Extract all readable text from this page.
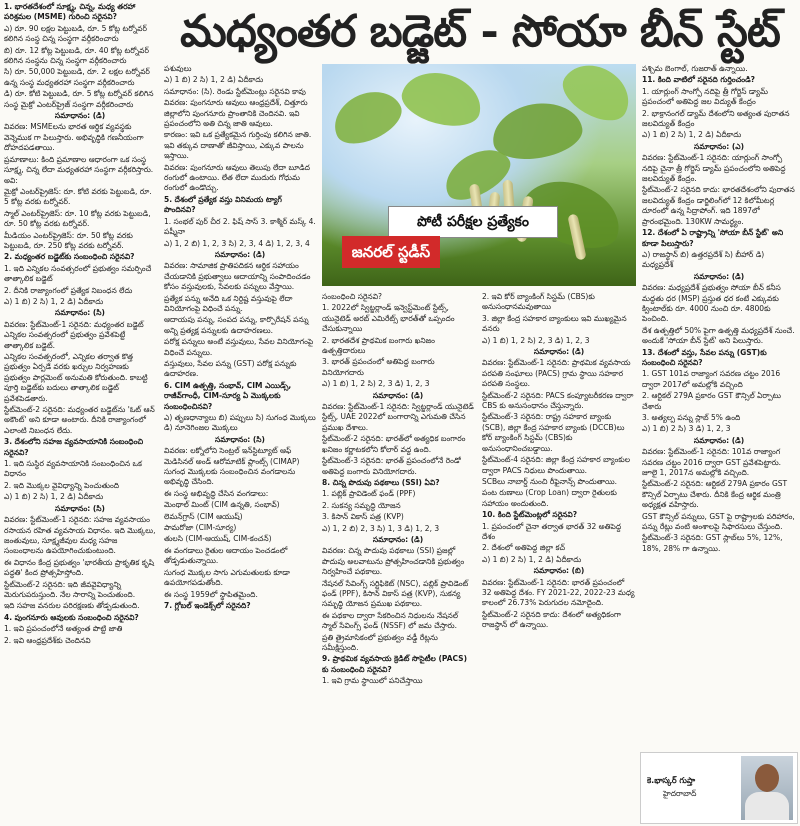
మధ్యంతర బడ్జెట్ - సోయా బీన్ స్టేట్

1. భారతదేశంలో సూక్ష్మ, చిన్న, మధ్య తరహా పరిశ్రమల (MSME) గురించి సరైనవి?

ఎ) రూ. 90 లక్షల పెట్టుబడి, రూ. 5 కోట్ల టర్నోవర్ కలిగిన సంస్థ చిన్న సంస్థగా వర్గీకరించారు

బి) రూ. 12 కోట్ల పెట్టుబడి, రూ. 40 కోట్ల టర్నోవర్ కలిగిన సంస్థను చిన్న సంస్థగా వర్గీకరించారు

సి) రూ. 50,000 పెట్టుబడి, రూ. 2 లక్షల టర్నోవర్ ఉన్న సంస్థ మధ్యతరహా సంస్థగా వర్గీకరించారు

డి) రూ. కోటి పెట్టుబడి, రూ. 5 కోట్ల టర్నోవర్ కలిగిన సంస్థ మైక్రో ఎంటర్‌ప్రైజ్ సంస్థగా వర్గీకరించారు

సమాధానం: (డి)

వివరణ: MSMEలను భారత ఆర్థిక వ్యవస్థకు వెన్నెముక గా పిలుస్తారు. అభివృద్ధికి గణనీయంగా దోహదపడతాయి.

ప్రమాణాలు: కింది ప్రమాణాల ఆధారంగా ఒక సంస్థ సూక్ష్మ, చిన్న లేదా మధ్యతరహా సంస్థగా వర్గీకరిస్తారు. అవి:

మైక్రో ఎంటర్‌ప్రైజెస్: రూ. కోటి వరకు పెట్టుబడి, రూ. 5 కోట్ల వరకు టర్నోవర్.

స్మాల్ ఎంటర్‌ప్రైజెస్: రూ. 10 కోట్ల వరకు పెట్టుబడి, రూ. 50 కోట్ల వరకు టర్నోవర్.

మీడియం ఎంటర్‌ప్రైజెస్: రూ. 50 కోట్ల వరకు పెట్టుబడి, రూ. 250 కోట్ల వరకు టర్నోవర్.

2. మధ్యంతర బడ్జెట్‌కు సంబంధించి సరైనవి?

1. ఇది ఎన్నికల సంవత్సరంలో ప్రభుత్వం సమర్పించే తాత్కాలిక బడ్జెట్

2. దీనికి రాజ్యాంగంలో ప్రత్యేక నిబంధన లేదు

ఎ) 1 బి) 2 సి) 1, 2 డి) ఏదీకాదు

సమాధానం: (సి)

వివరణ: స్టేట్‌మెంట్-1 సరైనది: మధ్యంతర బడ్జెట్ ఎన్నికల సంవత్సరంలో ప్రభుత్వం ప్రవేశపెట్టే తాత్కాలిక బడ్జెట్.

ఎన్నికల సంవత్సరంలో, ఎన్నికల తర్వాత కొత్త ప్రభుత్వం ఏర్పడే వరకు ఖర్చుల నిర్వహణకు ప్రభుత్వం పార్లమెంట్ అనుమతి కోరుతుంది. కాబట్టి పూర్తి బడ్జెట్‌కు బదులు తాత్కాలిక బడ్జెట్ ప్రవేశపెడతారు.

స్టేట్‌మెంట్-2 సరైనది: మధ్యంతర బడ్జెట్‌ను 'ఓట్ ఆన్ అకౌంట్' అని కూడా అంటారు. దీనికి రాజ్యాంగంలో ఎలాంటి నిబంధన లేదు.

3. దేశంలోని సహజ వ్యవసాయానికి సంబంధించి సరైనవి?

1. ఇది సుస్థిర వ్యవసాయానికి సంబంధించిన ఒక విధానం

2. ఇది మొక్కల వైవిధ్యాన్ని పెంచుతుంది

ఎ) 1 బి) 2 సి) 1, 2 డి) ఏదీకాదు

సమాధానం: (సి)

వివరణ: స్టేట్‌మెంట్-1 సరైనది: సహజ వ్యవసాయం రసాయన రహిత వ్యవసాయ విధానం. ఇది మొక్కలు, జంతువులు, సూక్ష్మజీవుల మధ్య సహజ సంబంధాలను ఉపయోగించుకుంటుంది.

ఈ విధానం కేంద్ర ప్రభుత్వం 'భారతీయ ప్రాకృతిక కృషి పద్ధతి' కింద ప్రోత్సహిస్తోంది.

స్టేట్‌మెంట్-2 సరైనది: ఇది జీవవైవిధ్యాన్ని మెరుగుపరుస్తుంది. నేల సారాన్ని పెంచుతుంది.

ఇది సహజ వనరుల పరిరక్షణకు తోడ్పడుతుంది.

4. పుంగనూరు ఆవులకు సంబంధించి సరైనవి?

1. ఇవి ప్రపంచంలోనే అత్యంత పొట్టి జాతి

2. ఇవి ఆంధ్రప్రదేశ్‌కు చెందినవి

పశువులు

ఎ) 1 బి) 2 సి) 1, 2 డి) ఏదీకాదు

సమాధానం: (సి). రెండు స్టేట్‌మెంట్లు సరైనవి కావు

వివరణ: పుంగనూరు ఆవులు ఆంధ్రప్రదేశ్, చిత్తూరు జిల్లాలోని పుంగనూరు ప్రాంతానికి చెందినవి. ఇవి ప్రపంచంలోని అతి చిన్న జాతి ఆవులు.

కారణం: ఇవి ఒక ప్రత్యేకమైన గుర్తింపు కలిగిన జాతి. ఇవి తక్కువ దాణాతో జీవిస్తాయి, ఎక్కువ పాలను ఇస్తాయి.

వివరణ: పుంగనూరు ఆవులు తెలుపు లేదా బూడిద రంగులో ఉంటాయి. లేత లేదా ముదురు గోధుమ రంగులో ఉండొచ్చు.

5. దేశంలో ప్రత్యేక వస్తు వినిమయ ట్యాగ్ పొందినవి?

1. సంభల్ పుర్ చీర 2. ఫిష్ సాస్ 3. కాశ్మీర్ మస్క్ 4. పష్మీనా

ఎ) 1, 2 బి) 1, 2, 3 సి) 2, 3, 4 డి) 1, 2, 3, 4

సమాధానం: (డి)

వివరణ: సామాజిక ప్రాతిపదికన ఆర్థిక సహాయం చేయడానికి ప్రభుత్వాలు ఆదాయాన్ని సంపాదించడం కోసం వస్తువులకు, సేవలకు పన్నులు వేస్తాయి.

ప్రత్యేక పన్ను అనేది ఒక నిర్దిష్ట వస్తువుపై లేదా వినియోగంపై విధించే పన్ను.

ఆదాయపు పన్ను, సంపద పన్ను, కార్పొరేషన్ పన్ను అన్ని ప్రత్యక్ష పన్నులకు ఉదాహరణలు.

పరోక్ష పన్నులు అంటే వస్తువులు, సేవల వినియోగంపై విధించే పన్నులు.

వస్తువులు, సేవల పన్ను (GST) పరోక్ష పన్నుకు ఉదాహరణ.

6. CIM ఉత్పత్తి, సంభావ్, CIM ఎయిడ్స్, రాజీవ్‌గాంధీ, CIM-సూర్య ఏ మొక్కలకు సంబంధించినవి?

ఎ) తృణధాన్యాలు బి) పప్పులు సి) సుగంధ మొక్కలు డి) నూనెగింజల మొక్కలు

సమాధానం: (సి)

వివరణ: లక్నోలోని సెంట్రల్ ఇన్‌స్టిట్యూట్ ఆఫ్ మెడిసినల్ అండ్ ఆరోమాటిక్ ప్లాంట్స్ (CIMAP) సుగంధ మొక్కలకు సంబంధించిన వంగడాలను అభివృద్ధి చేసింది.

ఈ సంస్థ అభివృద్ధి చేసిన వంగడాలు:

మెంథాల్ మింట్ (CIM ఉన్నతి, సంభావ్)

లెమన్‌గ్రాస్ (CIM ఆయుష్)

పామరోజా (CIM-సూర్య)

తులసి (CIM-ఆయుష్, CIM-కంచన్)

ఈ వంగడాలు రైతుల ఆదాయం పెంచడంలో తోడ్పడుతున్నాయి.

సుగంధ మొక్కల సాగు ఎగుమతులకు కూడా ఉపయోగపడుతోంది.

ఈ సంస్థ 1959లో స్థాపితమైంది.

7. గ్లోబల్ ఇండెక్స్‌లో సరైనది?

పోటీ పరీక్షల ప్రత్యేకం
జనరల్ స్టడీస్

సంబంధించి సరైనవి?

1. 2022లో స్విట్జర్లాండ్ ఇన్వెస్ట్‌మెంట్ స్టేట్స్, యునైటెడ్ అరబ్ ఎమిరేట్స్ భారత్‌తో ఒప్పందం చేసుకున్నాయి

2. భారతదేశ ప్రాథమిక బంగారు ఖనిజం ఉత్పత్తిదారులు

3. భారత్ ప్రపంచంలో అతిపెద్ద బంగారు వినియోగదారు

ఎ) 1 బి) 1, 2 సి) 2, 3 డి) 1, 2, 3

సమాధానం: (డి)

వివరణ: స్టేట్‌మెంట్-1 సరైనది: స్విట్జర్లాండ్ యునైటెడ్ స్టేట్స్, UAE 2022లో బంగారాన్ని ఎగుమతి చేసిన ప్రముఖ దేశాలు.

స్టేట్‌మెంట్-2 సరైనది: భారత్‌లో అత్యధిక బంగారం ఖనిజం కర్ణాటకలోని కోలార్ వద్ద ఉంది.

స్టేట్‌మెంట్-3 సరైనది: భారత్ ప్రపంచంలోనే రెండో అతిపెద్ద బంగారు వినియోగదారు.

8. చిన్న పొదుపు పథకాలు (SSI) ఏవి?

1. పబ్లిక్ ప్రావిడెంట్ ఫండ్ (PPF)

2. సుకన్య సమృద్ధి యోజన

3. కిసాన్ వికాస్ పత్ర (KVP)

ఎ) 1, 2 బి) 2, 3 సి) 1, 3 డి) 1, 2, 3

సమాధానం: (డి)

వివరణ: చిన్న పొదుపు పథకాలు (SSI) ప్రజల్లో పొదుపు అలవాటును ప్రోత్సహించడానికి ప్రభుత్వం నిర్వహించే పథకాలు.

నేషనల్ సేవింగ్స్ సర్టిఫికెట్ (NSC), పబ్లిక్ ప్రావిడెంట్ ఫండ్ (PPF), కిసాన్ వికాస్ పత్ర (KVP), సుకన్య సమృద్ధి యోజన ప్రముఖ పథకాలు.

ఈ పథకాల ద్వారా సేకరించిన నిధులను నేషనల్ స్మాల్ సేవింగ్స్ ఫండ్ (NSSF) లో జమ చేస్తారు.

ప్రతి త్రైమాసికంలో ప్రభుత్వం వడ్డీ రేట్లను సమీక్షిస్తుంది.

9. ప్రాథమిక వ్యవసాయ క్రెడిట్ సొసైటీల (PACS) కు సంబంధించి సరైనవి?

1. ఇవి గ్రామ స్థాయిలో పనిచేస్తాయి

2. ఇవి కోర్ బ్యాంకింగ్ సిస్టమ్ (CBS)కు అనుసంధానమవుతాయి

3. జిల్లా కేంద్ర సహకార బ్యాంకులు ఇవి ముఖ్యమైన వనరు

ఎ) 1 బి) 1, 2 సి) 2, 3 డి) 1, 2, 3

సమాధానం: (డి)

వివరణ: స్టేట్‌మెంట్-1 సరైనది: ప్రాథమిక వ్యవసాయ పరపతి సంఘాలు (PACS) గ్రామ స్థాయి సహకార పరపతి సంస్థలు.

స్టేట్‌మెంట్-2 సరైనది: PACS కంప్యూటరీకరణ ద్వారా CBS కు అనుసంధానం చేస్తున్నారు.

స్టేట్‌మెంట్-3 సరైనది: రాష్ట్ర సహకార బ్యాంకు (SCB), జిల్లా కేంద్ర సహకార బ్యాంకు (DCCB)లు కోర్ బ్యాంకింగ్ సిస్టమ్ (CBS)కు అనుసంధానించబడ్డాయి.

స్టేట్‌మెంట్-4 సరైనది: జిల్లా కేంద్ర సహకార బ్యాంకుల ద్వారా PACS నిధులు పొందుతాయి.

SCBలు నాబార్డ్ నుంచి రీఫైనాన్స్ పొందుతాయి.

పంట రుణాలు (Crop Loan) ద్వారా రైతులకు సహాయం అందుతుంది.

10. కింది స్టేట్‌మెంట్లలో సరైనవి?

1. ప్రపంచంలో చైనా తర్వాత భారత్ 32 అతిపెద్ద దేశం

2. దేశంలో అతిపెద్ద జిల్లా కచ్

ఎ) 1 బి) 2 సి) 1, 2 డి) ఏదీకాదు

సమాధానం: (బి)

వివరణ: స్టేట్‌మెంట్-1 సరైనది: భారత్ ప్రపంచంలో 32 అతిపెద్ద దేశం. FY 2021-22, 2022-23 మధ్య కాలంలో 26.73% పెరుగుదల నమోదైంది.

స్టేట్‌మెంట్-2 సరైనది కాదు: దేశంలో అత్యధికంగా రాజస్థాన్ లో ఉన్నాయి.

పశ్చిమ బెంగాల్, గుజరాత్ ఉన్నాయి.

11. కింది వాటిలో సరైనది గుర్తించండి?

1. యార్లుంగ్ సాంగ్పో నదిపై త్రీ గోర్జెస్ డ్యామ్ ప్రపంచంలో అతిపెద్ద జల విద్యుత్ కేంద్రం

2. భాక్రానంగల్ డ్యామ్ దేశంలోని అత్యంత పురాతన జలవిద్యుత్ కేంద్రం

ఎ) 1 బి) 2 సి) 1, 2 డి) ఏదీకాదు

సమాధానం: (ఎ)

వివరణ: స్టేట్‌మెంట్-1 సరైనది: యార్లుంగ్ సాంగ్పో నదిపై చైనా త్రీ గోర్జెస్ డ్యామ్ ప్రపంచంలోని అతిపెద్ద జలవిద్యుత్ కేంద్రం.

స్టేట్‌మెంట్-2 సరైనది కాదు: భారతదేశంలోని పురాతన జలవిద్యుత్ కేంద్రం డార్జిలింగ్‌లో 12 కిలోమీటర్ల దూరంలో ఉన్న సిద్రాపోంగ్. ఇది 1897లో ప్రారంభమైంది. 130KW సామర్థ్యం.

12. దేశంలో ఏ రాష్ట్రాన్ని 'సోయా బీన్ స్టేట్' అని కూడా పిలుస్తారు?

ఎ) రాజస్థాన్ బి) ఉత్తరప్రదేశ్ సి) బీహార్ డి) మధ్యప్రదేశ్

సమాధానం: (డి)

వివరణ: మధ్యప్రదేశ్ ప్రభుత్వం సోయా బీన్ కనీస మద్దతు ధర (MSP) ప్రస్తుత ధర కంటే ఎక్కువకు క్వింటాల్‌కు రూ. 4000 నుంచి రూ. 4800కు పెంచింది.

దేశ ఉత్పత్తిలో 50% పైగా ఉత్పత్తి మధ్యప్రదేశ్ నుంచే. అందుకే 'సోయా బీన్ స్టేట్' అని పిలుస్తారు.

13. దేశంలో వస్తు, సేవల పన్ను (GST)కు సంబంధించి సరైనవి?

1. GST 101వ రాజ్యాంగ సవరణ చట్టం 2016 ద్వారా 2017లో అమల్లోకి వచ్చింది

2. ఆర్టికల్ 279A ప్రకారం GST కౌన్సిల్ ఏర్పాటు చేశారు

3. అత్యల్ప పన్ను స్లాబ్ 5% ఉంది

ఎ) 1 బి) 2 సి) 3 డి) 1, 2, 3

సమాధానం: (డి)

వివరణ: స్టేట్‌మెంట్-1 సరైనది: 101వ రాజ్యాంగ సవరణ చట్టం 2016 ద్వారా GST ప్రవేశపెట్టారు. జూలై 1, 2017న అమల్లోకి వచ్చింది.

స్టేట్‌మెంట్-2 సరైనది: ఆర్టికల్ 279A ప్రకారం GST కౌన్సిల్ ఏర్పాటు చేశారు. దీనికి కేంద్ర ఆర్థిక మంత్రి అధ్యక్షత వహిస్తారు.

GST కౌన్సిల్ పన్నులు, GST పై రాష్ట్రాలకు పరిహారం, పన్ను రేట్లు వంటి అంశాలపై సిఫారసులు చేస్తుంది.

స్టేట్‌మెంట్-3 సరైనది: GST స్లాబ్‌లు 5%, 12%, 18%, 28% గా ఉన్నాయి.

కె.భాస్కర్ గుప్తా
హైదరాబాద్
